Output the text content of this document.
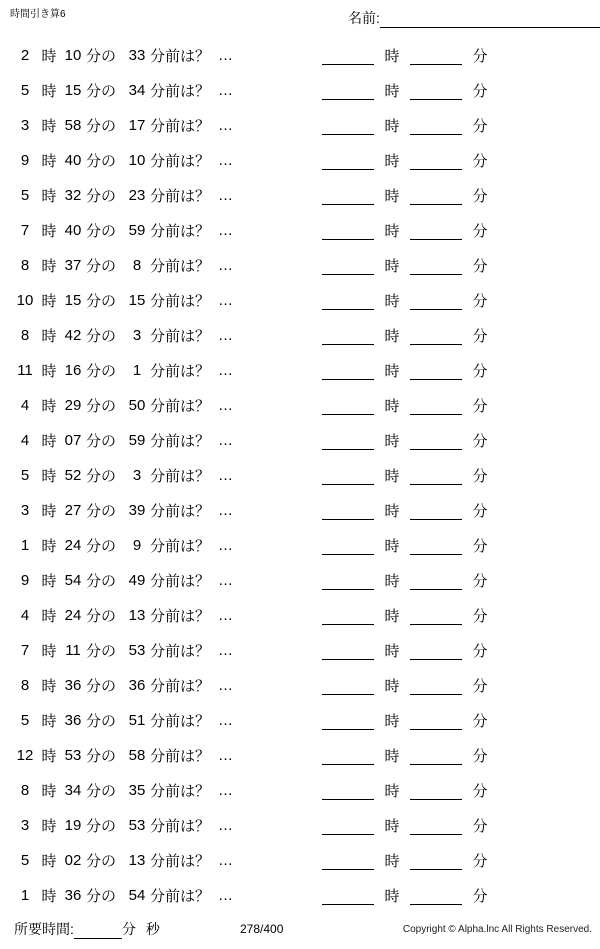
時間引き算6	名前:
2 時 10 分の 33 分前は？ …	時	分
5 時 15 分の 34 分前は？ …	時	分
3 時 58 分の 17 分前は？ …	時	分
9 時 40 分の 10 分前は？ …	時	分
5 時 32 分の 23 分前は？ …	時	分
7 時 40 分の 59 分前は？ …	時	分
8 時 37 分の	8 分前は？ …	時	分
10 時 15 分の 15 分前は？ …	時	分
8 時 42 分の	3 分前は？ …	時	分
11 時 16 分の	1 分前は？ …	時	分
4 時 29 分の 50 分前は？ …	時	分
4 時 07 分の 59 分前は？ …	時	分
5 時 52 分の	3 分前は？ …	時	分
3 時 27 分の 39 分前は？ …	時	分
1 時 24 分の	9 分前は？ …	時	分
9 時 54 分の 49 分前は？ …	時	分
4 時 24 分の 13 分前は？ …	時	分
7 時 11 分の 53 分前は？ …	時	分
8 時 36 分の 36 分前は？ …	時	分
5 時 36 分の 51 分前は？ …	時	分
12 時 53 分の 58 分前は？ …	時	分
8 時 34 分の 35 分前は？ …	時	分
3 時 19 分の 53 分前は？ …	時	分
5 時 02 分の 13 分前は？ …	時	分
1 時 36 分の 54 分前は？ …	時	分
所要時間:	分 秒	278/400	Copyright © Alpha.lnc All Rights Reserved.
